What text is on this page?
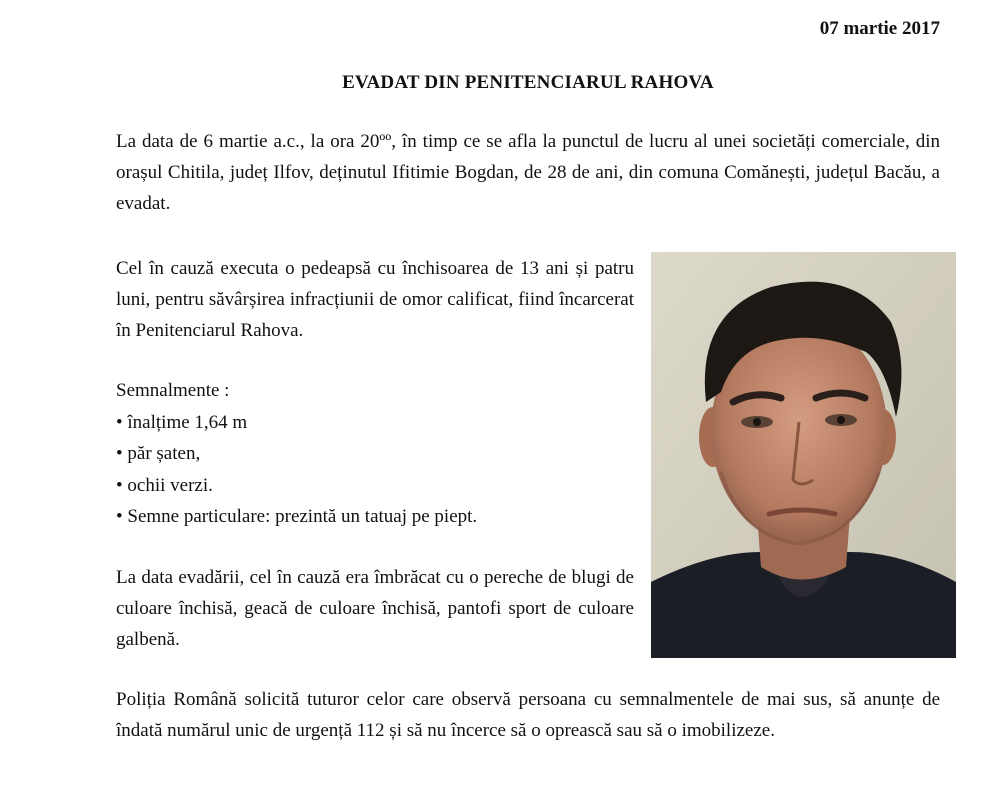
07 martie 2017
EVADAT DIN PENITENCIARUL RAHOVA

La data de 6 martie a.c., la ora 20ºº, în timp ce se afla la punctul de lucru al unei societăți comerciale, din orașul Chitila, județ Ilfov, deținutul Ifitimie Bogdan, de 28 de ani, din comuna Comănești, județul Bacău, a evadat.

Cel în cauză executa o pedeapsă cu închisoarea de 13 ani și patru luni, pentru săvârșirea infracțiunii de omor calificat, fiind încarcerat în Penitenciarul Rahova.

Semnalmente :
• înalțime 1,64 m
• păr șaten,
• ochii verzi.
• Semne particulare: prezintă un tatuaj pe piept.

La data evadării, cel în cauză era îmbrăcat cu o pereche de blugi de culoare închisă, geacă de culoare închisă, pantofi sport de culoare galbenă.

Poliția Română solicită tuturor celor care observă persoana cu semnalmentele de mai sus, să anunțe de îndată numărul unic de urgență 112 și să nu încerce să o oprească sau să o imobilizeze.
